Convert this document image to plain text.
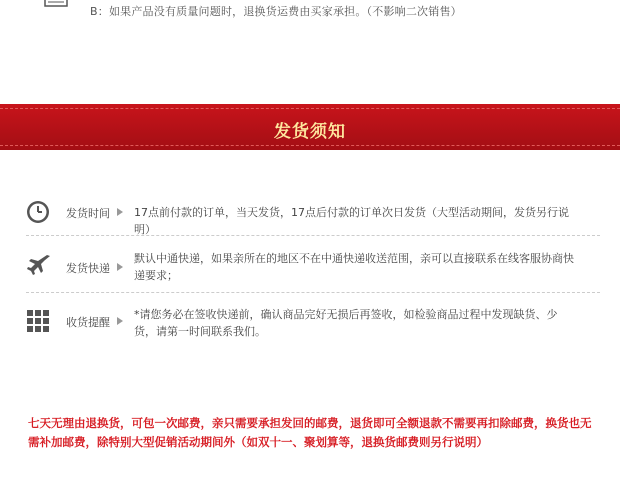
B：如果产品没有质量问题时，退换货运费由买家承担。（不影响二次销售）
发货须知
发货时间 17点前付款的订单，当天发货，17点后付款的订单次日发货（大型活动期间，发货另行说明）
发货快递
默认中通快递，如果亲所在的地区不在中通快递收送范围，亲可以直接联系在线客服协商快递要求；
收货提醒
*请您务必在签收快递前，确认商品完好无损后再签收，如检验商品过程中发现缺货、少货，请第一时间联系我们。
七天无理由退换货，可包一次邮费，亲只需要承担发回的邮费，退货即可全额退款不需要再扣除邮费，换货也无需补加邮费，除特别大型促销活动期间外（如双十一、聚划算等，退换货邮费则另行说明）
